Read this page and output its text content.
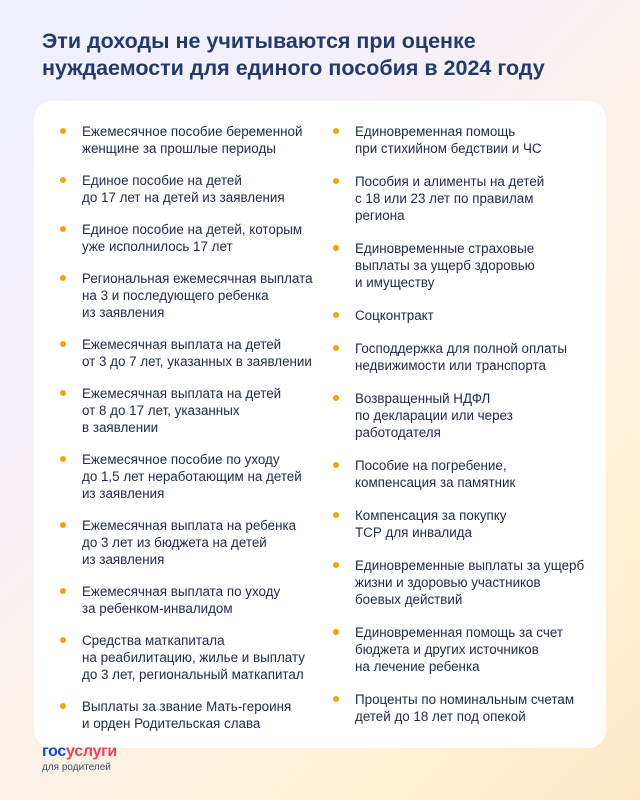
Эти доходы не учитываются при оценке
нуждаемости для единого пособия в 2024 году
Ежемесячное пособие беременной
женщине за прошлые периоды
Единое пособие на детей
до 17 лет на детей из заявления
Единое пособие на детей, которым
уже исполнилось 17 лет
Региональная ежемесячная выплата
на 3 и последующего ребенка
из заявления
Ежемесячная выплата на детей
от 3 до 7 лет, указанных в заявлении
Ежемесячная выплата на детей
от 8 до 17 лет, указанных
в заявлении
Ежемесячное пособие по уходу
до 1,5 лет неработающим на детей
из заявления
Ежемесячная выплата на ребенка
до 3 лет из бюджета на детей
из заявления
Ежемесячная выплата по уходу
за ребенком-инвалидом
Средства маткапитала
на реабилитацию, жилье и выплату
до 3 лет, региональный маткапитал
Выплаты за звание Мать-героиня
и орден Родительская слава
Единовременная помощь
при стихийном бедствии и ЧС
Пособия и алименты на детей
с 18 или 23 лет по правилам
региона
Единовременные страховые
выплаты за ущерб здоровью
и имуществу
Соцконтракт
Господдержка для полной оплаты
недвижимости или транспорта
Возвращенный НДФЛ
по декларации или через
работодателя
Пособие на погребение,
компенсация за памятник
Компенсация за покупку
ТСР для инвалида
Единовременные выплаты за ущерб
жизни и здоровью участников
боевых действий
Единовременная помощь за счет
бюджета и других источников
на лечение ребенка
Проценты по номинальным счетам
детей до 18 лет под опекой
госуслуги
для родителей
